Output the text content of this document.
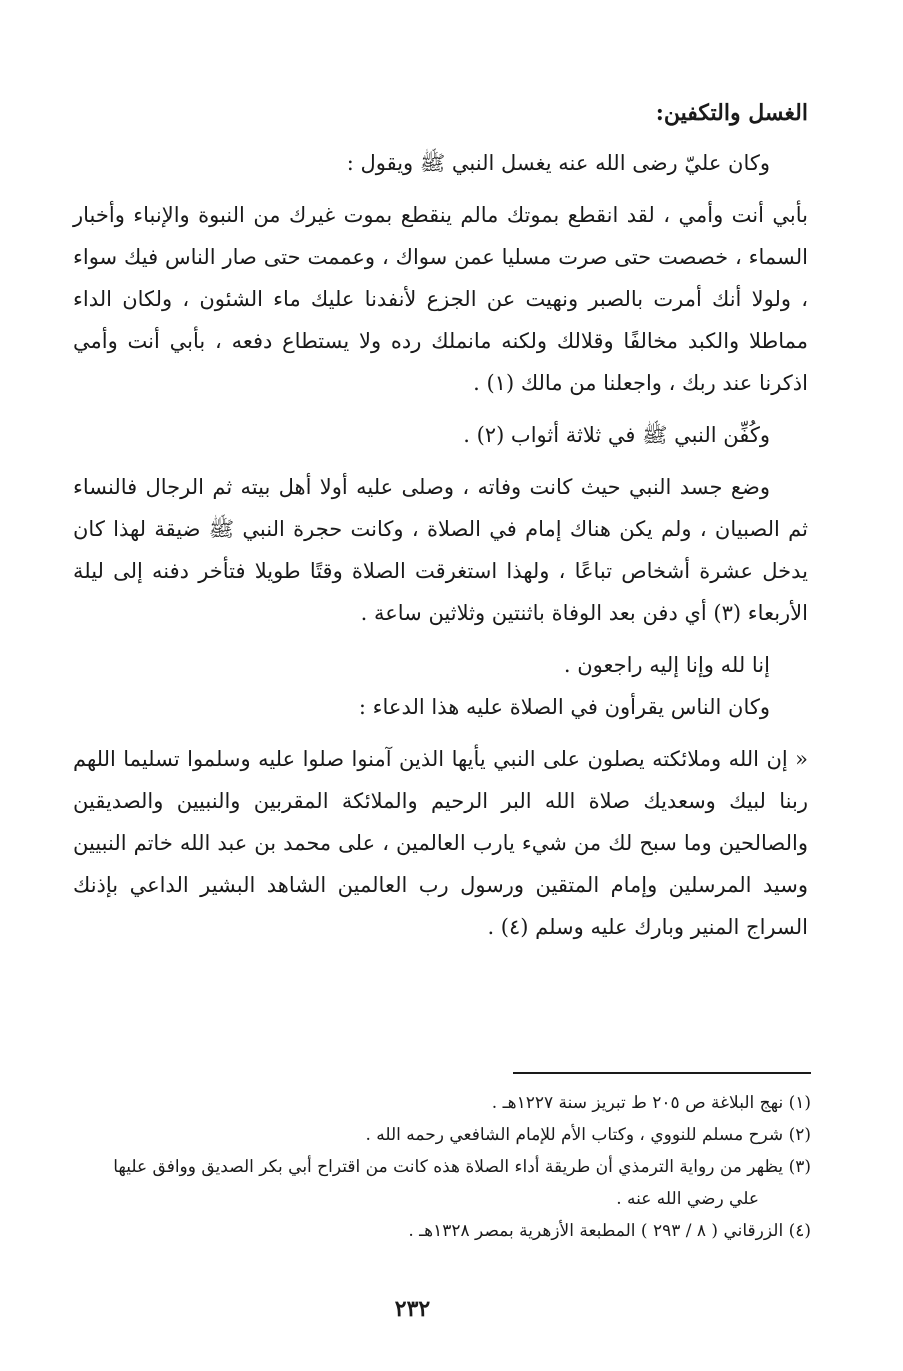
الغسل والتكفين:

وكان عليّ رضى الله عنه يغسل النبي ﷺ ويقول :

بأبي أنت وأمي ، لقد انقطع بموتك مالم ينقطع بموت غيرك من النبوة والإنباء وأخبار السماء ، خصصت حتى صرت مسليا عمن سواك ، وعممت حتى صار الناس فيك سواء ، ولولا أنك أمرت بالصبر ونهيت عن الجزع لأنفدنا عليك ماء الشئون ، ولكان الداء مماطلا والكبد مخالفًا وقلالك ولكنه مانملك رده ولا يستطاع دفعه ، بأبي أنت وأمي اذكرنا عند ربك ، واجعلنا من مالك (١) .

وكُفِّن النبي ﷺ في ثلاثة أثواب (٢) .

وضع جسد النبي حيث كانت وفاته ، وصلى عليه أولا أهل بيته ثم الرجال فالنساء ثم الصبيان ، ولم يكن هناك إمام في الصلاة ، وكانت حجرة النبي ﷺ ضيقة لهذا كان يدخل عشرة أشخاص تباعًا ، ولهذا استغرقت الصلاة وقتًا طويلا فتأخر دفنه إلى ليلة الأربعاء (٣) أي دفن بعد الوفاة باثنتين وثلاثين ساعة .

إنا لله وإنا إليه راجعون .

وكان الناس يقرأون في الصلاة عليه هذا الدعاء :

« إن الله وملائكته يصلون على النبي يأيها الذين آمنوا صلوا عليه وسلموا تسليما اللهم ربنا لبيك وسعديك صلاة الله البر الرحيم والملائكة المقربين والنبيين والصديقين والصالحين وما سبح لك من شيء يارب العالمين ، على محمد بن عبد الله خاتم النبيين وسيد المرسلين وإمام المتقين ورسول رب العالمين الشاهد البشير الداعي بإذنك السراج المنير وبارك عليه وسلم (٤) .

(١) نهج البلاغة ص ٢٠٥ ط تبريز سنة ١٢٢٧هـ .

(٢) شرح مسلم للنووي ، وكتاب الأم للإمام الشافعي رحمه الله .

(٣) يظهر من رواية الترمذي أن طريقة أداء الصلاة هذه كانت من اقتراح أبي بكر الصديق ووافق عليها

علي رضي الله عنه .

(٤) الزرقاني ( ٨ / ٢٩٣ ) المطبعة الأزهرية بمصر ١٣٢٨هـ .

٢٣٢
